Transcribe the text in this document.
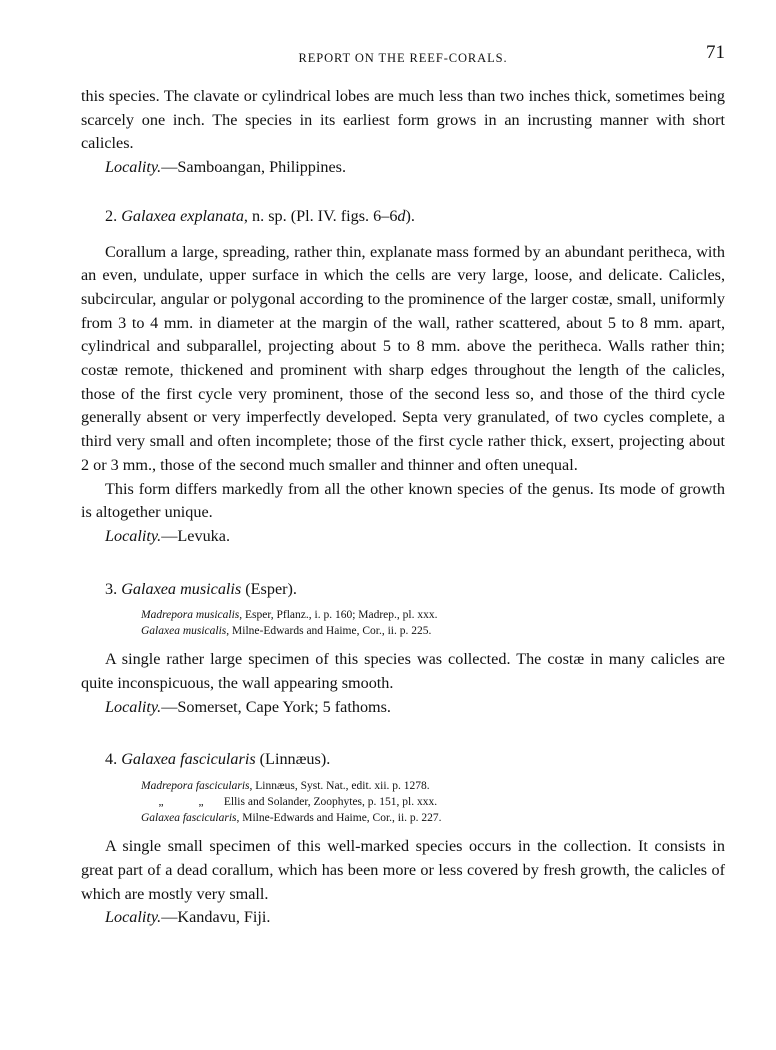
REPORT ON THE REEF-CORALS.	71

this species. The clavate or cylindrical lobes are much less than two inches thick, sometimes being scarcely one inch. The species in its earliest form grows in an incrusting manner with short calicles.

Locality.—Samboangan, Philippines.

2. Galaxea explanata, n. sp. (Pl. IV. figs. 6–6d).

Corallum a large, spreading, rather thin, explanate mass formed by an abundant peritheca, with an even, undulate, upper surface in which the cells are very large, loose, and delicate. Calicles, subcircular, angular or polygonal according to the prominence of the larger costæ, small, uniformly from 3 to 4 mm. in diameter at the margin of the wall, rather scattered, about 5 to 8 mm. apart, cylindrical and subparallel, projecting about 5 to 8 mm. above the peritheca. Walls rather thin; costæ remote, thickened and prominent with sharp edges throughout the length of the calicles, those of the first cycle very prominent, those of the second less so, and those of the third cycle generally absent or very imperfectly developed. Septa very granulated, of two cycles complete, a third very small and often incomplete; those of the first cycle rather thick, exsert, projecting about 2 or 3 mm., those of the second much smaller and thinner and often unequal.

This form differs markedly from all the other known species of the genus. Its mode of growth is altogether unique.

Locality.—Levuka.

3. Galaxea musicalis (Esper).

Madrepora musicalis, Esper, Pflanz., i. p. 160; Madrep., pl. xxx.
Galaxea musicalis, Milne-Edwards and Haime, Cor., ii. p. 225.

A single rather large specimen of this species was collected. The costæ in many calicles are quite inconspicuous, the wall appearing smooth.

Locality.—Somerset, Cape York; 5 fathoms.

4. Galaxea fascicularis (Linnæus).

Madrepora fascicularis, Linnæus, Syst. Nat., edit. xii. p. 1278.
„	„ Ellis and Solander, Zoophytes, p. 151, pl. xxx.
Galaxea fascicularis, Milne-Edwards and Haime, Cor., ii. p. 227.

A single small specimen of this well-marked species occurs in the collection. It consists in great part of a dead corallum, which has been more or less covered by fresh growth, the calicles of which are mostly very small.

Locality.—Kandavu, Fiji.
